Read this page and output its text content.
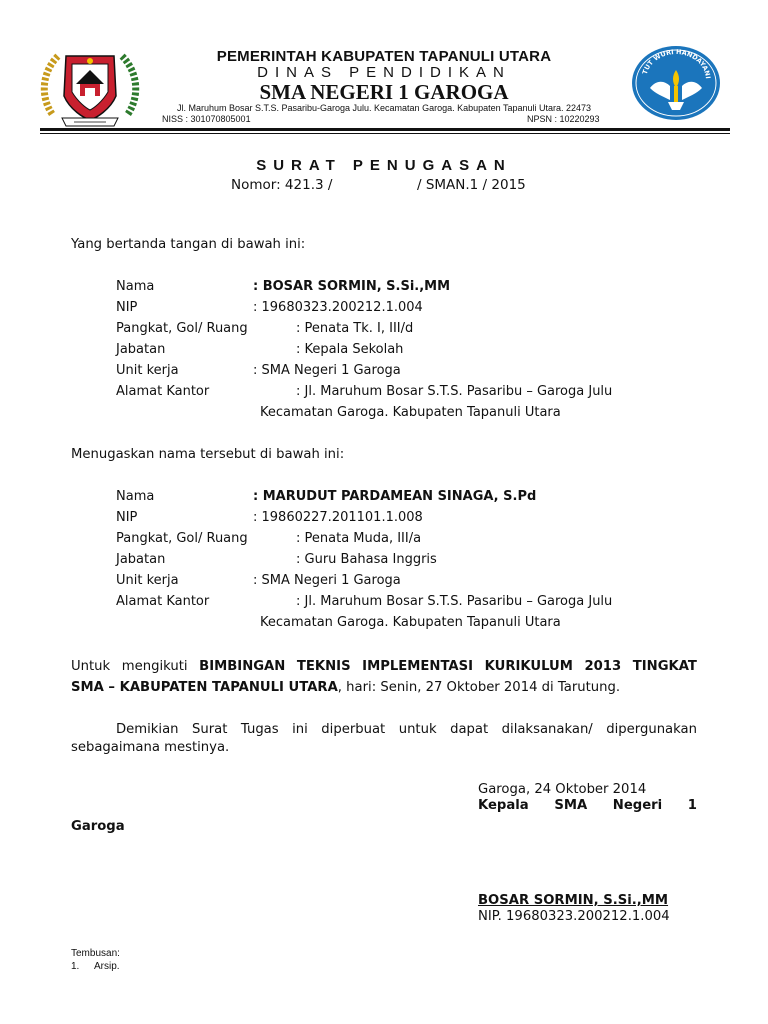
TUT WURI HANDAYANI
PEMERINTAH KABUPATEN TAPANULI UTARA
DINAS PENDIDIKAN
SMA NEGERI 1 GAROGA
Jl. Maruhum Bosar S.T.S. Pasaribu-Garoga Julu. Kecamatan Garoga. Kabupaten Tapanuli Utara. 22473
NISS : 301070805001	NPSN : 10220293
SURAT PENUGASAN
Nomor: 421.3 /	/ SMAN.1 / 2015
Yang bertanda tangan di bawah ini:
Nama	: BOSAR SORMIN, S.Si.,MM
NIP	: 19680323.200212.1.004
Pangkat, Gol/ Ruang	: Penata Tk. I, III/d
Jabatan	: Kepala Sekolah
Unit kerja	: SMA Negeri 1 Garoga
Alamat Kantor	: Jl. Maruhum Bosar S.T.S. Pasaribu – Garoga Julu
Kecamatan Garoga. Kabupaten Tapanuli Utara
Menugaskan nama tersebut di bawah ini:
Nama	: MARUDUT PARDAMEAN SINAGA, S.Pd
NIP	: 19860227.201101.1.008
Pangkat, Gol/ Ruang	: Penata Muda, III/a
Jabatan	: Guru Bahasa Inggris
Unit kerja	: SMA Negeri 1 Garoga
Alamat Kantor	: Jl. Maruhum Bosar S.T.S. Pasaribu – Garoga Julu
Kecamatan Garoga. Kabupaten Tapanuli Utara
Untuk mengikuti BIMBINGAN TEKNIS IMPLEMENTASI KURIKULUM 2013 TINGKAT
SMA – KABUPATEN TAPANULI UTARA, hari: Senin, 27 Oktober 2014 di Tarutung.
Demikian Surat Tugas ini diperbuat untuk dapat dilaksanakan/ dipergunakan
sebagaimana mestinya.
Garoga, 24 Oktober 2014
Kepala SMA Negeri 1
Garoga
BOSAR SORMIN, S.Si.,MM
NIP. 19680323.200212.1.004
Tembusan:
1. Arsip.
